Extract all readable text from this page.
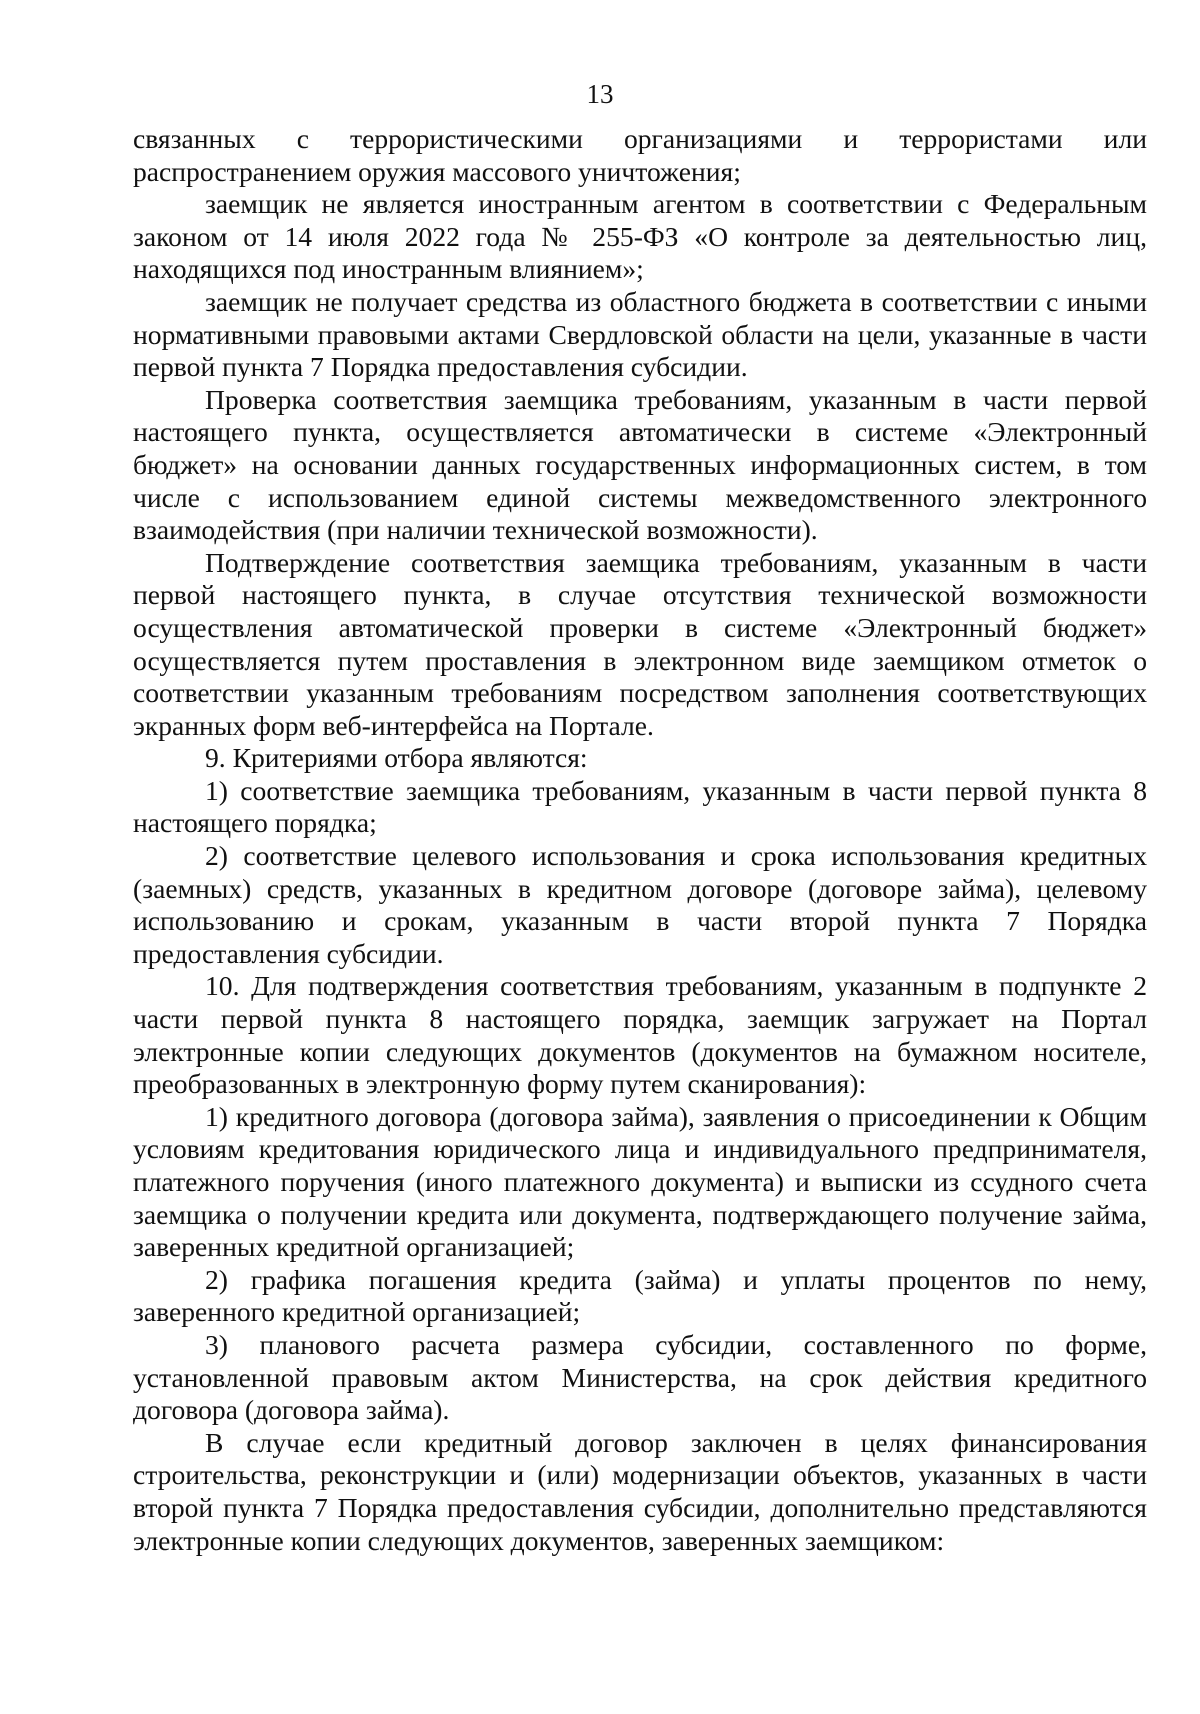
13

связанных с террористическими организациями и террористами или распространением оружия массового уничтожения;

заемщик не является иностранным агентом в соответствии с Федеральным законом от 14 июля 2022 года № 255-ФЗ «О контроле за деятельностью лиц, находящихся под иностранным влиянием»;

заемщик не получает средства из областного бюджета в соответствии с иными нормативными правовыми актами Свердловской области на цели, указанные в части первой пункта 7 Порядка предоставления субсидии.

Проверка соответствия заемщика требованиям, указанным в части первой настоящего пункта, осуществляется автоматически в системе «Электронный бюджет» на основании данных государственных информационных систем, в том числе с использованием единой системы межведомственного электронного взаимодействия (при наличии технической возможности).

Подтверждение соответствия заемщика требованиям, указанным в части первой настоящего пункта, в случае отсутствия технической возможности осуществления автоматической проверки в системе «Электронный бюджет» осуществляется путем проставления в электронном виде заемщиком отметок о соответствии указанным требованиям посредством заполнения соответствующих экранных форм веб-интерфейса на Портале.

9. Критериями отбора являются:

1) соответствие заемщика требованиям, указанным в части первой пункта 8 настоящего порядка;

2) соответствие целевого использования и срока использования кредитных (заемных) средств, указанных в кредитном договоре (договоре займа), целевому использованию и срокам, указанным в части второй пункта 7 Порядка предоставления субсидии.

10. Для подтверждения соответствия требованиям, указанным в подпункте 2 части первой пункта 8 настоящего порядка, заемщик загружает на Портал электронные копии следующих документов (документов на бумажном носителе, преобразованных в электронную форму путем сканирования):

1) кредитного договора (договора займа), заявления о присоединении к Общим условиям кредитования юридического лица и индивидуального предпринимателя, платежного поручения (иного платежного документа) и выписки из ссудного счета заемщика о получении кредита или документа, подтверждающего получение займа, заверенных кредитной организацией;

2) графика погашения кредита (займа) и уплаты процентов по нему, заверенного кредитной организацией;

3) планового расчета размера субсидии, составленного по форме, установленной правовым актом Министерства, на срок действия кредитного договора (договора займа).

В случае если кредитный договор заключен в целях финансирования строительства, реконструкции и (или) модернизации объектов, указанных в части второй пункта 7 Порядка предоставления субсидии, дополнительно представляются электронные копии следующих документов, заверенных заемщиком:
